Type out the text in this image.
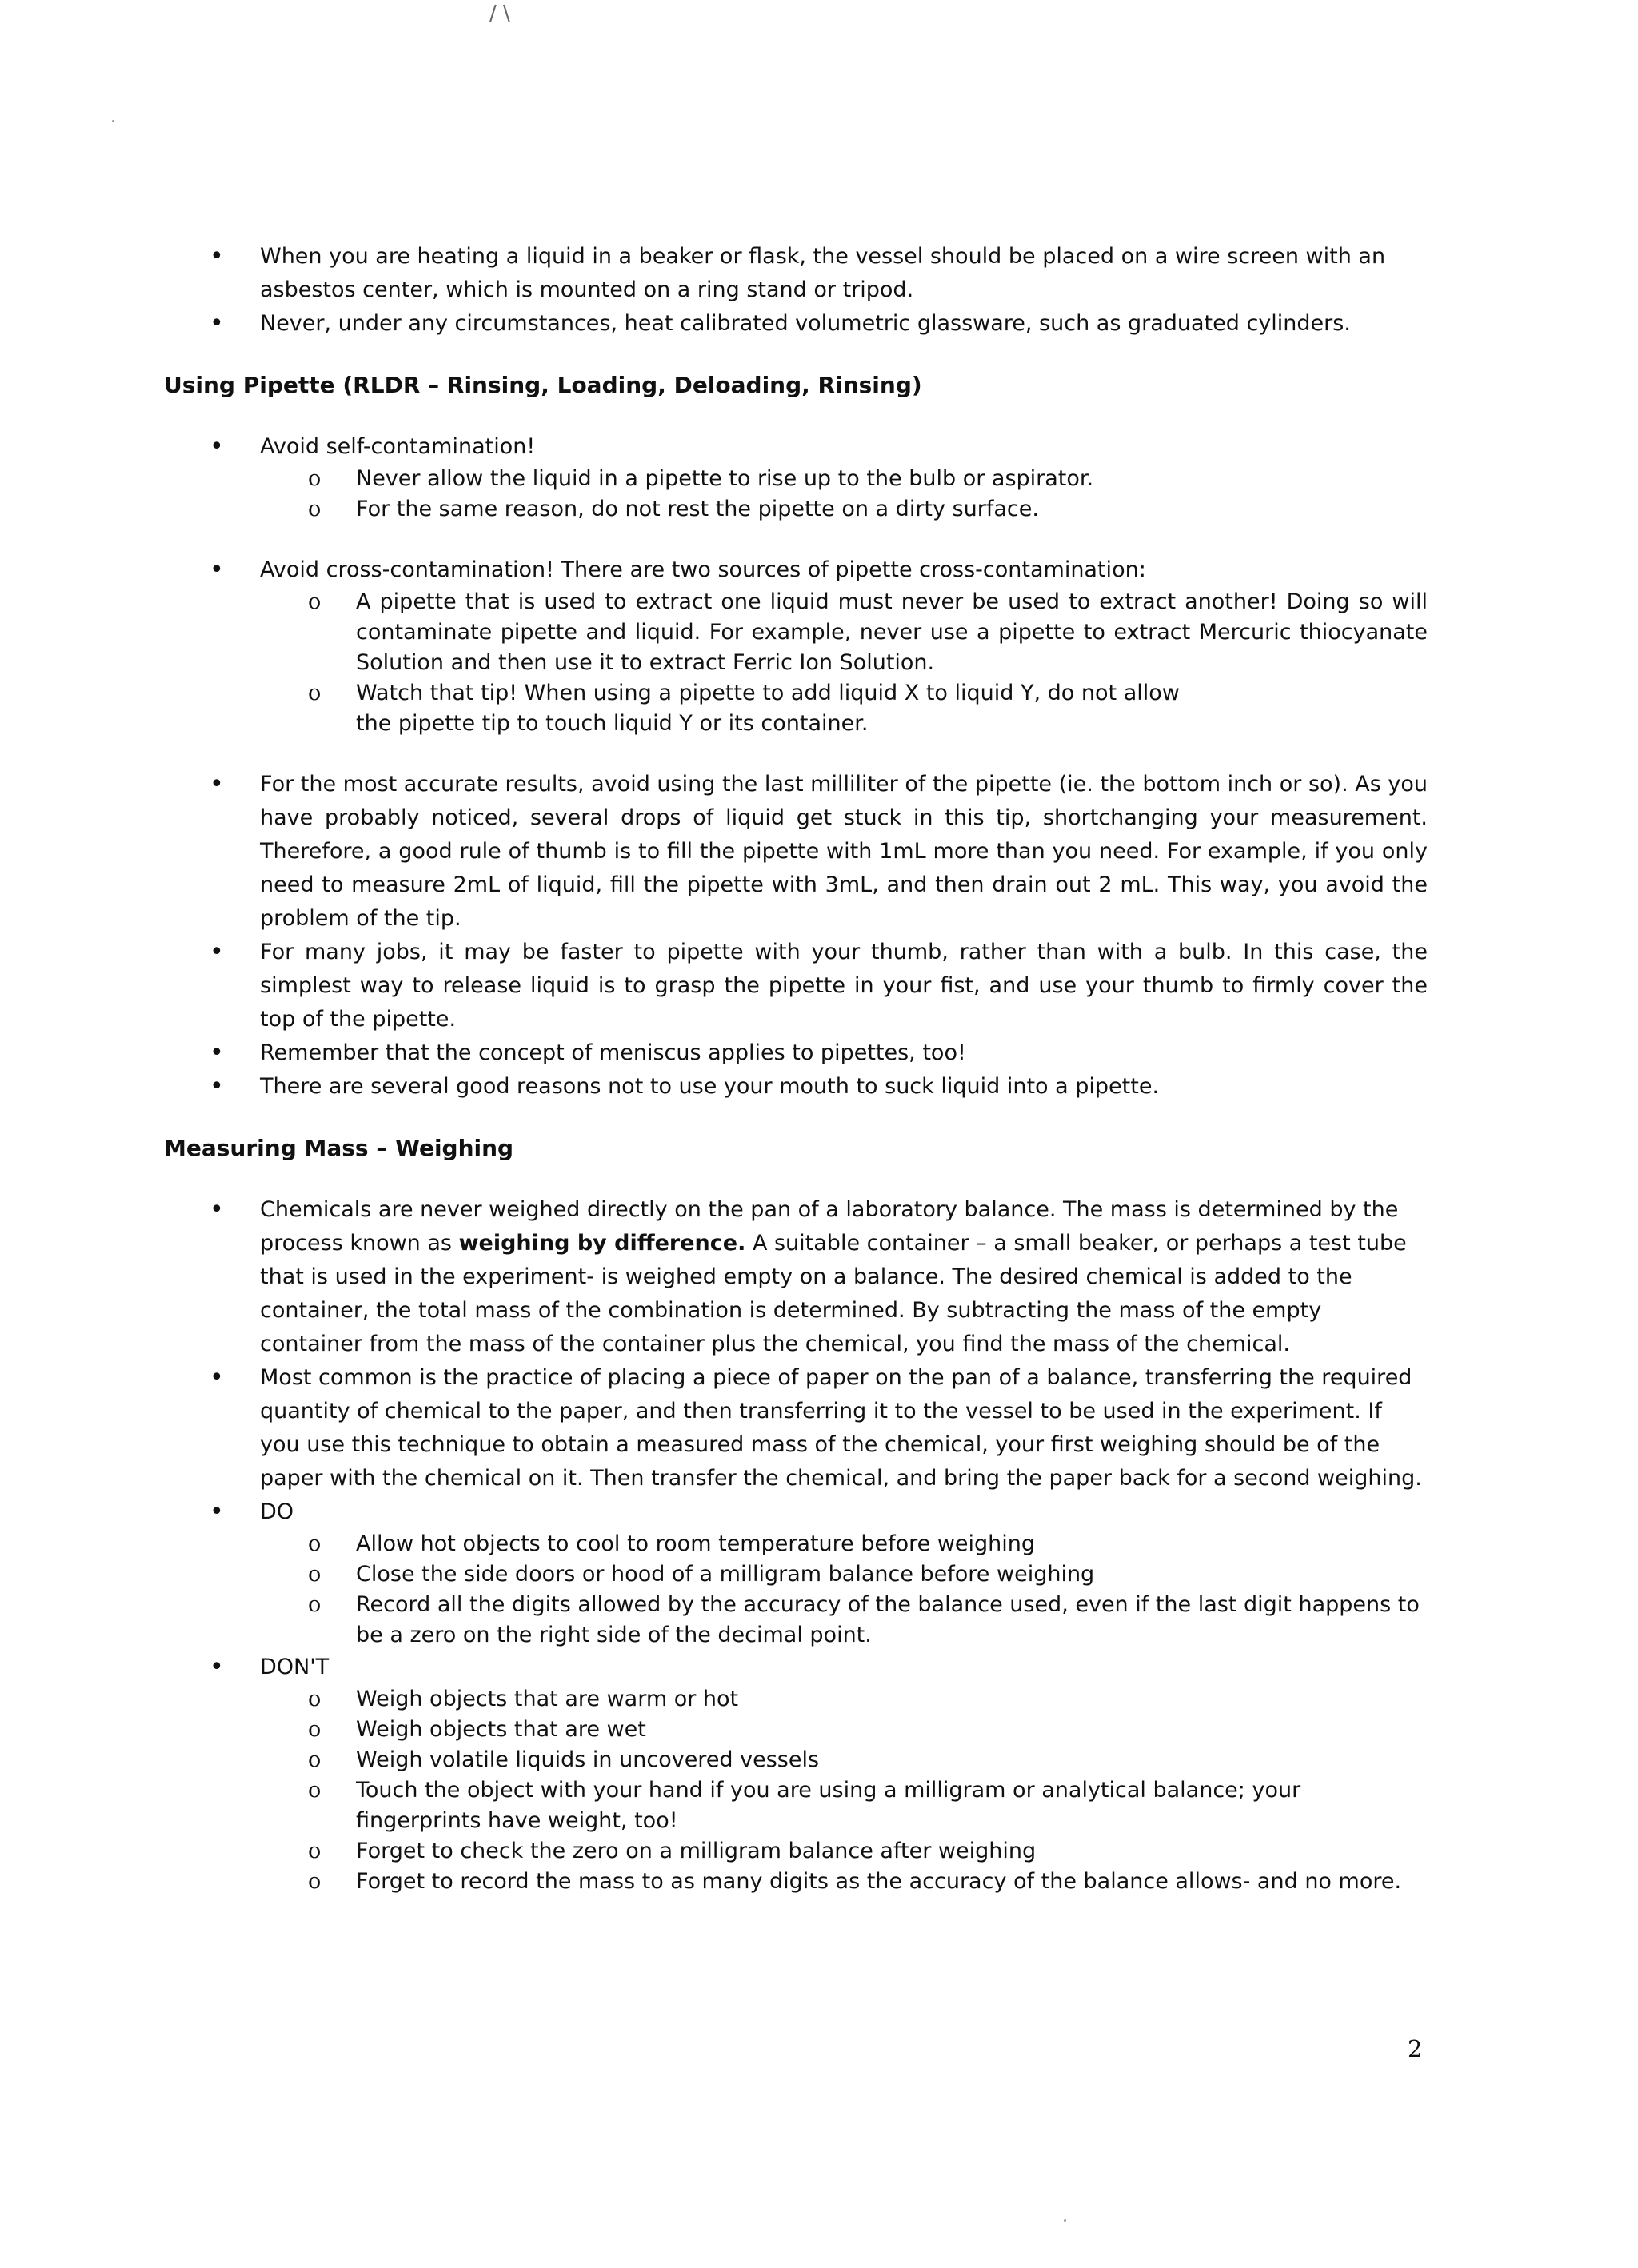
/ \
• When you are heating a liquid in a beaker or flask, the vessel should be placed on a wire screen with an asbestos center, which is mounted on a ring stand or tripod.
• Never, under any circumstances, heat calibrated volumetric glassware, such as graduated cylinders.
Using Pipette (RLDR – Rinsing, Loading, Deloading, Rinsing)
• Avoid self-contamination!
o Never allow the liquid in a pipette to rise up to the bulb or aspirator.
o For the same reason, do not rest the pipette on a dirty surface.
• Avoid cross-contamination! There are two sources of pipette cross-contamination:
o A pipette that is used to extract one liquid must never be used to extract another! Doing so will contaminate pipette and liquid. For example, never use a pipette to extract Mercuric thiocyanate Solution and then use it to extract Ferric Ion Solution.
o Watch that tip! When using a pipette to add liquid X to liquid Y, do not allow the pipette tip to touch liquid Y or its container.
• For the most accurate results, avoid using the last milliliter of the pipette (ie. the bottom inch or so). As you have probably noticed, several drops of liquid get stuck in this tip, shortchanging your measurement. Therefore, a good rule of thumb is to fill the pipette with 1mL more than you need. For example, if you only need to measure 2mL of liquid, fill the pipette with 3mL, and then drain out 2 mL. This way, you avoid the problem of the tip.
• For many jobs, it may be faster to pipette with your thumb, rather than with a bulb. In this case, the simplest way to release liquid is to grasp the pipette in your fist, and use your thumb to firmly cover the top of the pipette.
• Remember that the concept of meniscus applies to pipettes, too!
• There are several good reasons not to use your mouth to suck liquid into a pipette.
Measuring Mass – Weighing
• Chemicals are never weighed directly on the pan of a laboratory balance. The mass is determined by the process known as weighing by difference. A suitable container – a small beaker, or perhaps a test tube that is used in the experiment- is weighed empty on a balance. The desired chemical is added to the container, the total mass of the combination is determined. By subtracting the mass of the empty container from the mass of the container plus the chemical, you find the mass of the chemical.
• Most common is the practice of placing a piece of paper on the pan of a balance, transferring the required quantity of chemical to the paper, and then transferring it to the vessel to be used in the experiment. If you use this technique to obtain a measured mass of the chemical, your first weighing should be of the paper with the chemical on it. Then transfer the chemical, and bring the paper back for a second weighing.
• DO
o Allow hot objects to cool to room temperature before weighing
o Close the side doors or hood of a milligram balance before weighing
o Record all the digits allowed by the accuracy of the balance used, even if the last digit happens to be a zero on the right side of the decimal point.
• DON'T
o Weigh objects that are warm or hot
o Weigh objects that are wet
o Weigh volatile liquids in uncovered vessels
o Touch the object with your hand if you are using a milligram or analytical balance; your fingerprints have weight, too!
o Forget to check the zero on a milligram balance after weighing
o Forget to record the mass to as many digits as the accuracy of the balance allows- and no more.
2
